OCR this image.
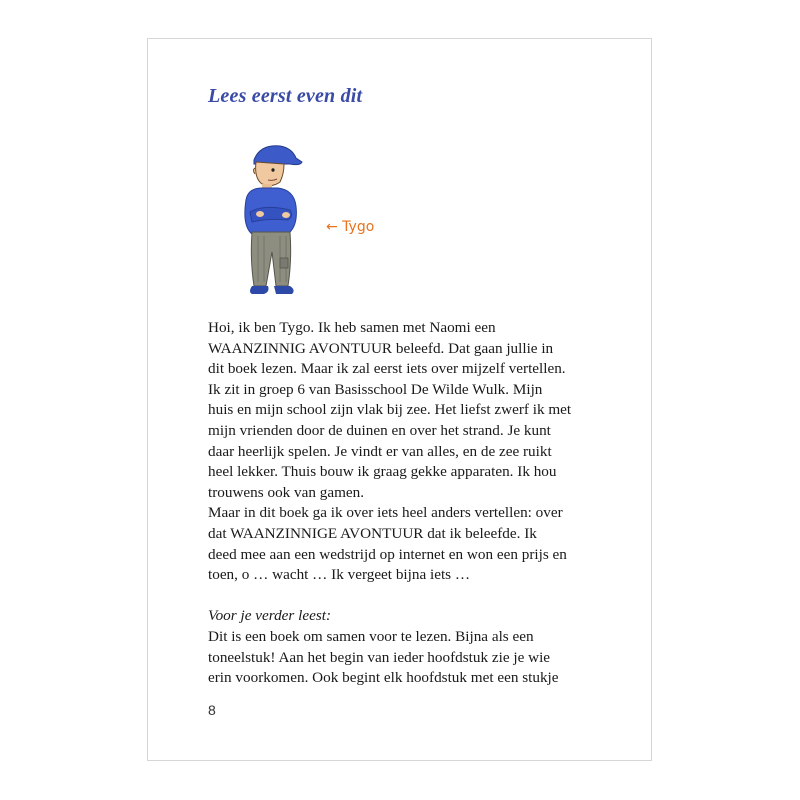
Lees eerst even dit
← Tygo
Hoi, ik ben Tygo. Ik heb samen met Naomi een
WAANZINNIG AVONTUUR beleefd. Dat gaan jullie in
dit boek lezen. Maar ik zal eerst iets over mijzelf vertellen.
Ik zit in groep 6 van Basisschool De Wilde Wulk. Mijn
huis en mijn school zijn vlak bij zee. Het liefst zwerf ik met
mijn vrienden door de duinen en over het strand. Je kunt
daar heerlijk spelen. Je vindt er van alles, en de zee ruikt
heel lekker. Thuis bouw ik graag gekke apparaten. Ik hou
trouwens ook van gamen.
Maar in dit boek ga ik over iets heel anders vertellen: over
dat WAANZINNIGE AVONTUUR dat ik beleefde. Ik
deed mee aan een wedstrijd op internet en won een prijs en
toen, o … wacht … Ik vergeet bijna iets …
Voor je verder leest:
Dit is een boek om samen voor te lezen. Bijna als een
toneelstuk! Aan het begin van ieder hoofdstuk zie je wie
erin voorkomen. Ook begint elk hoofdstuk met een stukje
8
